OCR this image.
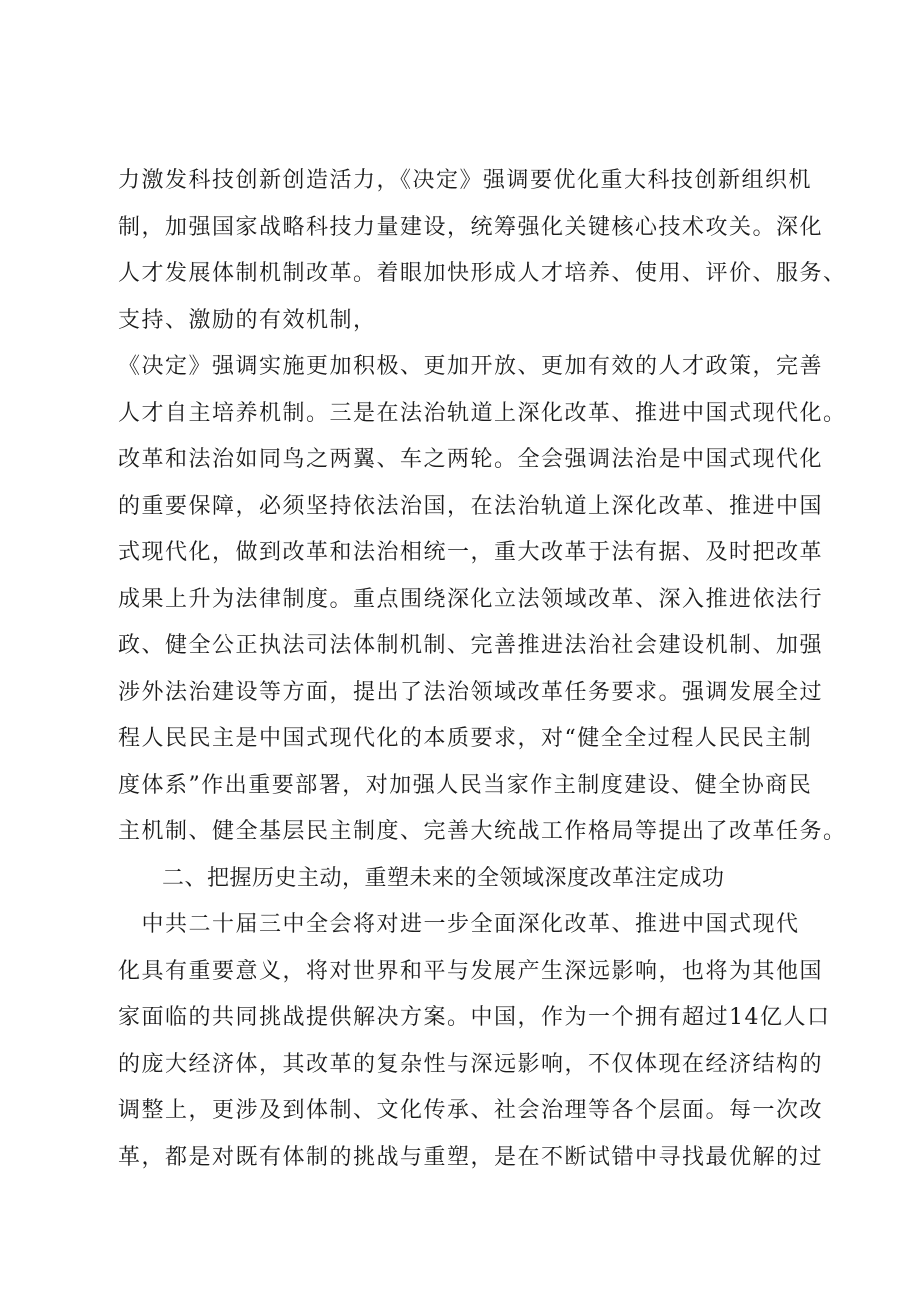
力激发科技创新创造活力，《决定》强调要优化重大科技创新组织机
制，加强国家战略科技力量建设，统筹强化关键核心技术攻关。深化
人才发展体制机制改革。着眼加快形成人才培养、使用、评价、服务、
支持、激励的有效机制，
《决定》强调实施更加积极、更加开放、更加有效的人才政策，完善
人才自主培养机制。三是在法治轨道上深化改革、推进中国式现代化。
改革和法治如同鸟之两翼、车之两轮。全会强调法治是中国式现代化
的重要保障，必须坚持依法治国，在法治轨道上深化改革、推进中国
式现代化，做到改革和法治相统一，重大改革于法有据、及时把改革
成果上升为法律制度。重点围绕深化立法领域改革、深入推进依法行
政、健全公正执法司法体制机制、完善推进法治社会建设机制、加强
涉外法治建设等方面，提出了法治领域改革任务要求。强调发展全过
程人民民主是中国式现代化的本质要求，对“健全全过程人民民主制
度体系”作出重要部署，对加强人民当家作主制度建设、健全协商民
主机制、健全基层民主制度、完善大统战工作格局等提出了改革任务。
二、把握历史主动，重塑未来的全领域深度改革注定成功
　中共二十届三中全会将对进一步全面深化改革、推进中国式现代
化具有重要意义，将对世界和平与发展产生深远影响，也将为其他国
家面临的共同挑战提供解决方案。中国，作为一个拥有超过14亿人口
的庞大经济体，其改革的复杂性与深远影响，不仅体现在经济结构的
调整上，更涉及到体制、文化传承、社会治理等各个层面。每一次改
革，都是对既有体制的挑战与重塑，是在不断试错中寻找最优解的过
